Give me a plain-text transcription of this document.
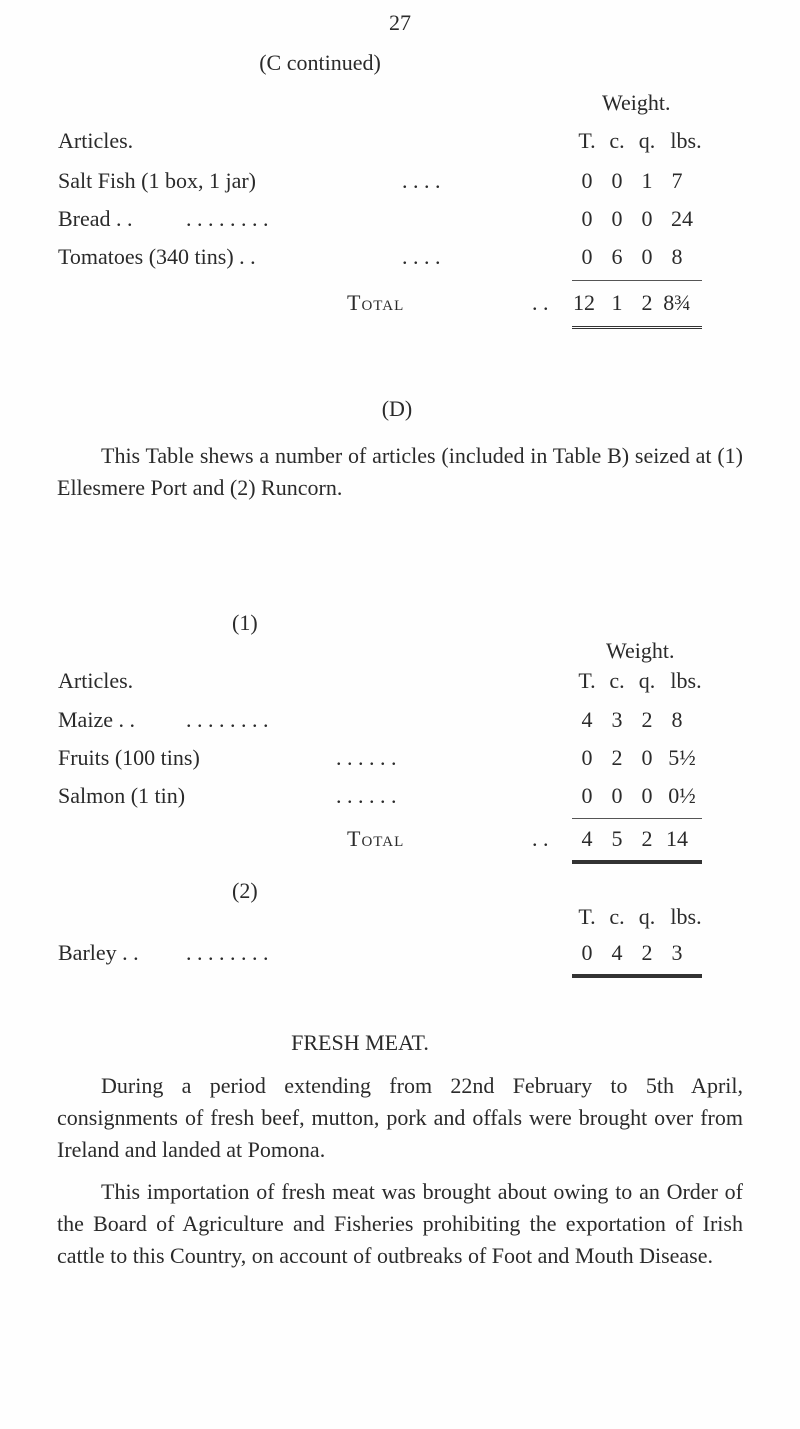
27
(C continued)
Weight.
Articles.	T. c. q. lbs.
Salt Fish (1 box, 1 jar)	. . . .	0 0 1 7
Bread . . . . . . . . . .	0 0 0 24
Tomatoes (340 tins) . .	. . . .	0 6 0 8
Total	. . 12 1 2 8¾
(D)
This Table shews a number of articles (included in Table B) seized at (1) Ellesmere Port and (2) Runcorn.
(1)
Weight.
Articles.	T. c. q. lbs.
Maize . . . . . . . . . .	4 3 2 8
Fruits (100 tins)	. . . . . .	0 2 0 5½
Salmon (1 tin)	. . . . . .	0 0 0 0½
Total	. .	4 5 2 14
(2)
T. c. q. lbs.
Barley . . . . . . . . . .	0 4 2 3
FRESH MEAT.
During a period extending from 22nd February to 5th April, consignments of fresh beef, mutton, pork and offals were brought over from Ireland and landed at Pomona.
This importation of fresh meat was brought about owing to an Order of the Board of Agriculture and Fisheries prohibiting the exportation of Irish cattle to this Country, on account of outbreaks of Foot and Mouth Disease.
